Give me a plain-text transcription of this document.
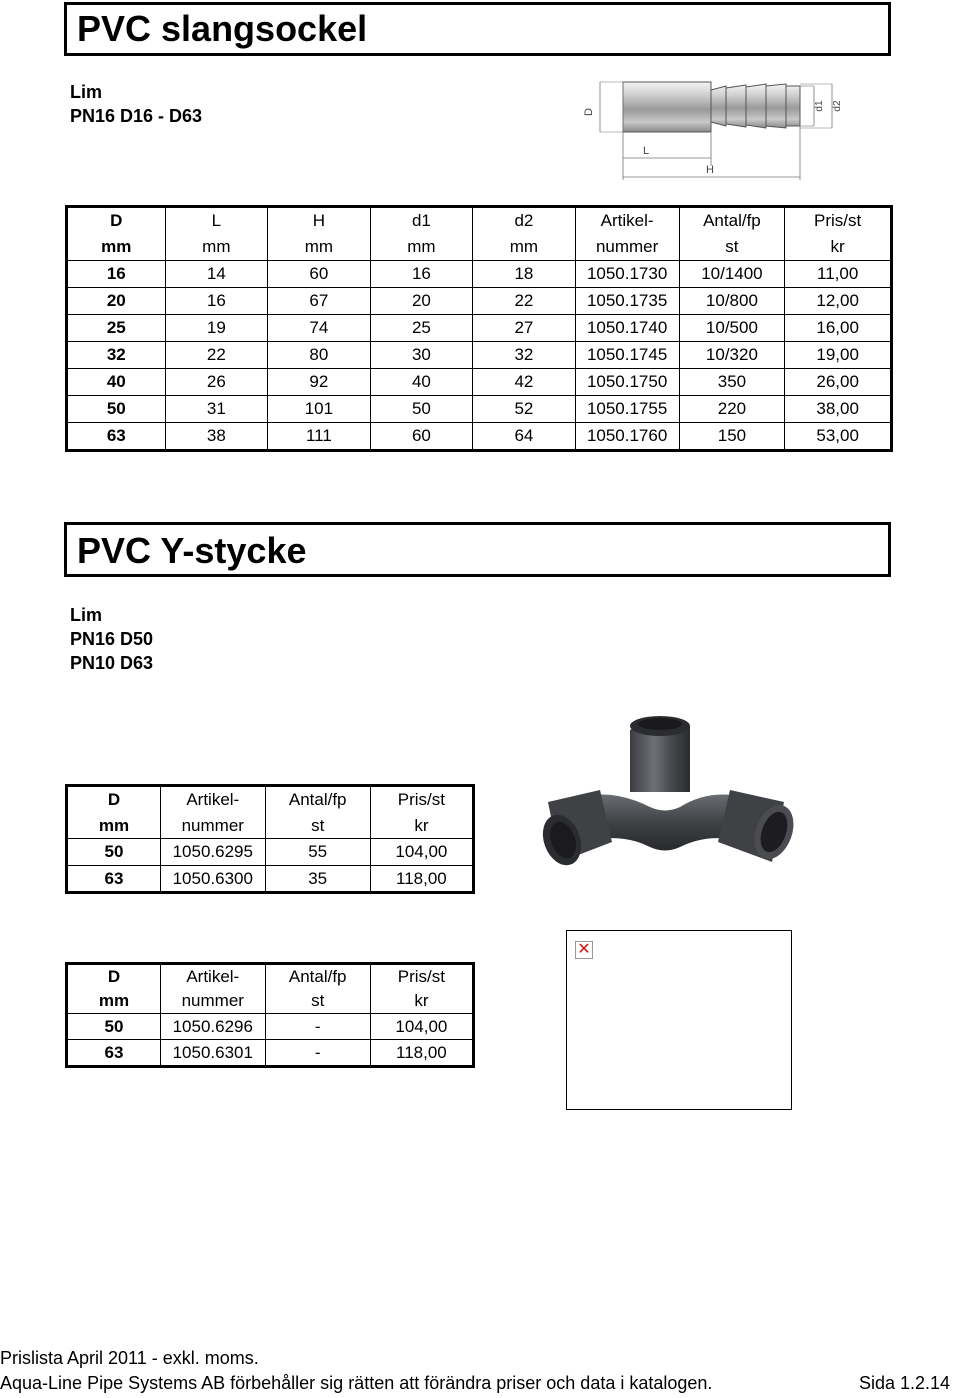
PVC slangsockel
Lim
PN16 D16 - D63	D
L
H
d1 d2
D	L	H	d1	d2	Artikel-	Antal/fp	Pris/st
mm	mm	mm	mm	mm	nummer	st	kr
16	14	60	16	18	1050.1730	10/1400	11,00
20	16	67	20	22	1050.1735	10/800	12,00
25	19	74	25	27	1050.1740	10/500	16,00
32	22	80	30	32	1050.1745	10/320	19,00
40	26	92	40	42	1050.1750	350	26,00
50	31	101	50	52	1050.1755	220	38,00
63	38	111	60	64	1050.1760	150	53,00
PVC Y-stycke
Lim
PN16 D50
PN10 D63
D	Artikel-	Antal/fp	Pris/st
mm	nummer	st	kr
50	1050.6295	55	104,00
63	1050.6300	35	118,00
D	Artikel-	Antal/fp	Pris/st
mm	nummer	st	kr
50	1050.6296	-	104,00
63	1050.6301	-	118,00
✕
Prislista April 2011 - exkl. moms.
Aqua-Line Pipe Systems AB förbehåller sig rätten att förändra priser och data i katalogen.	Sida 1.2.14
